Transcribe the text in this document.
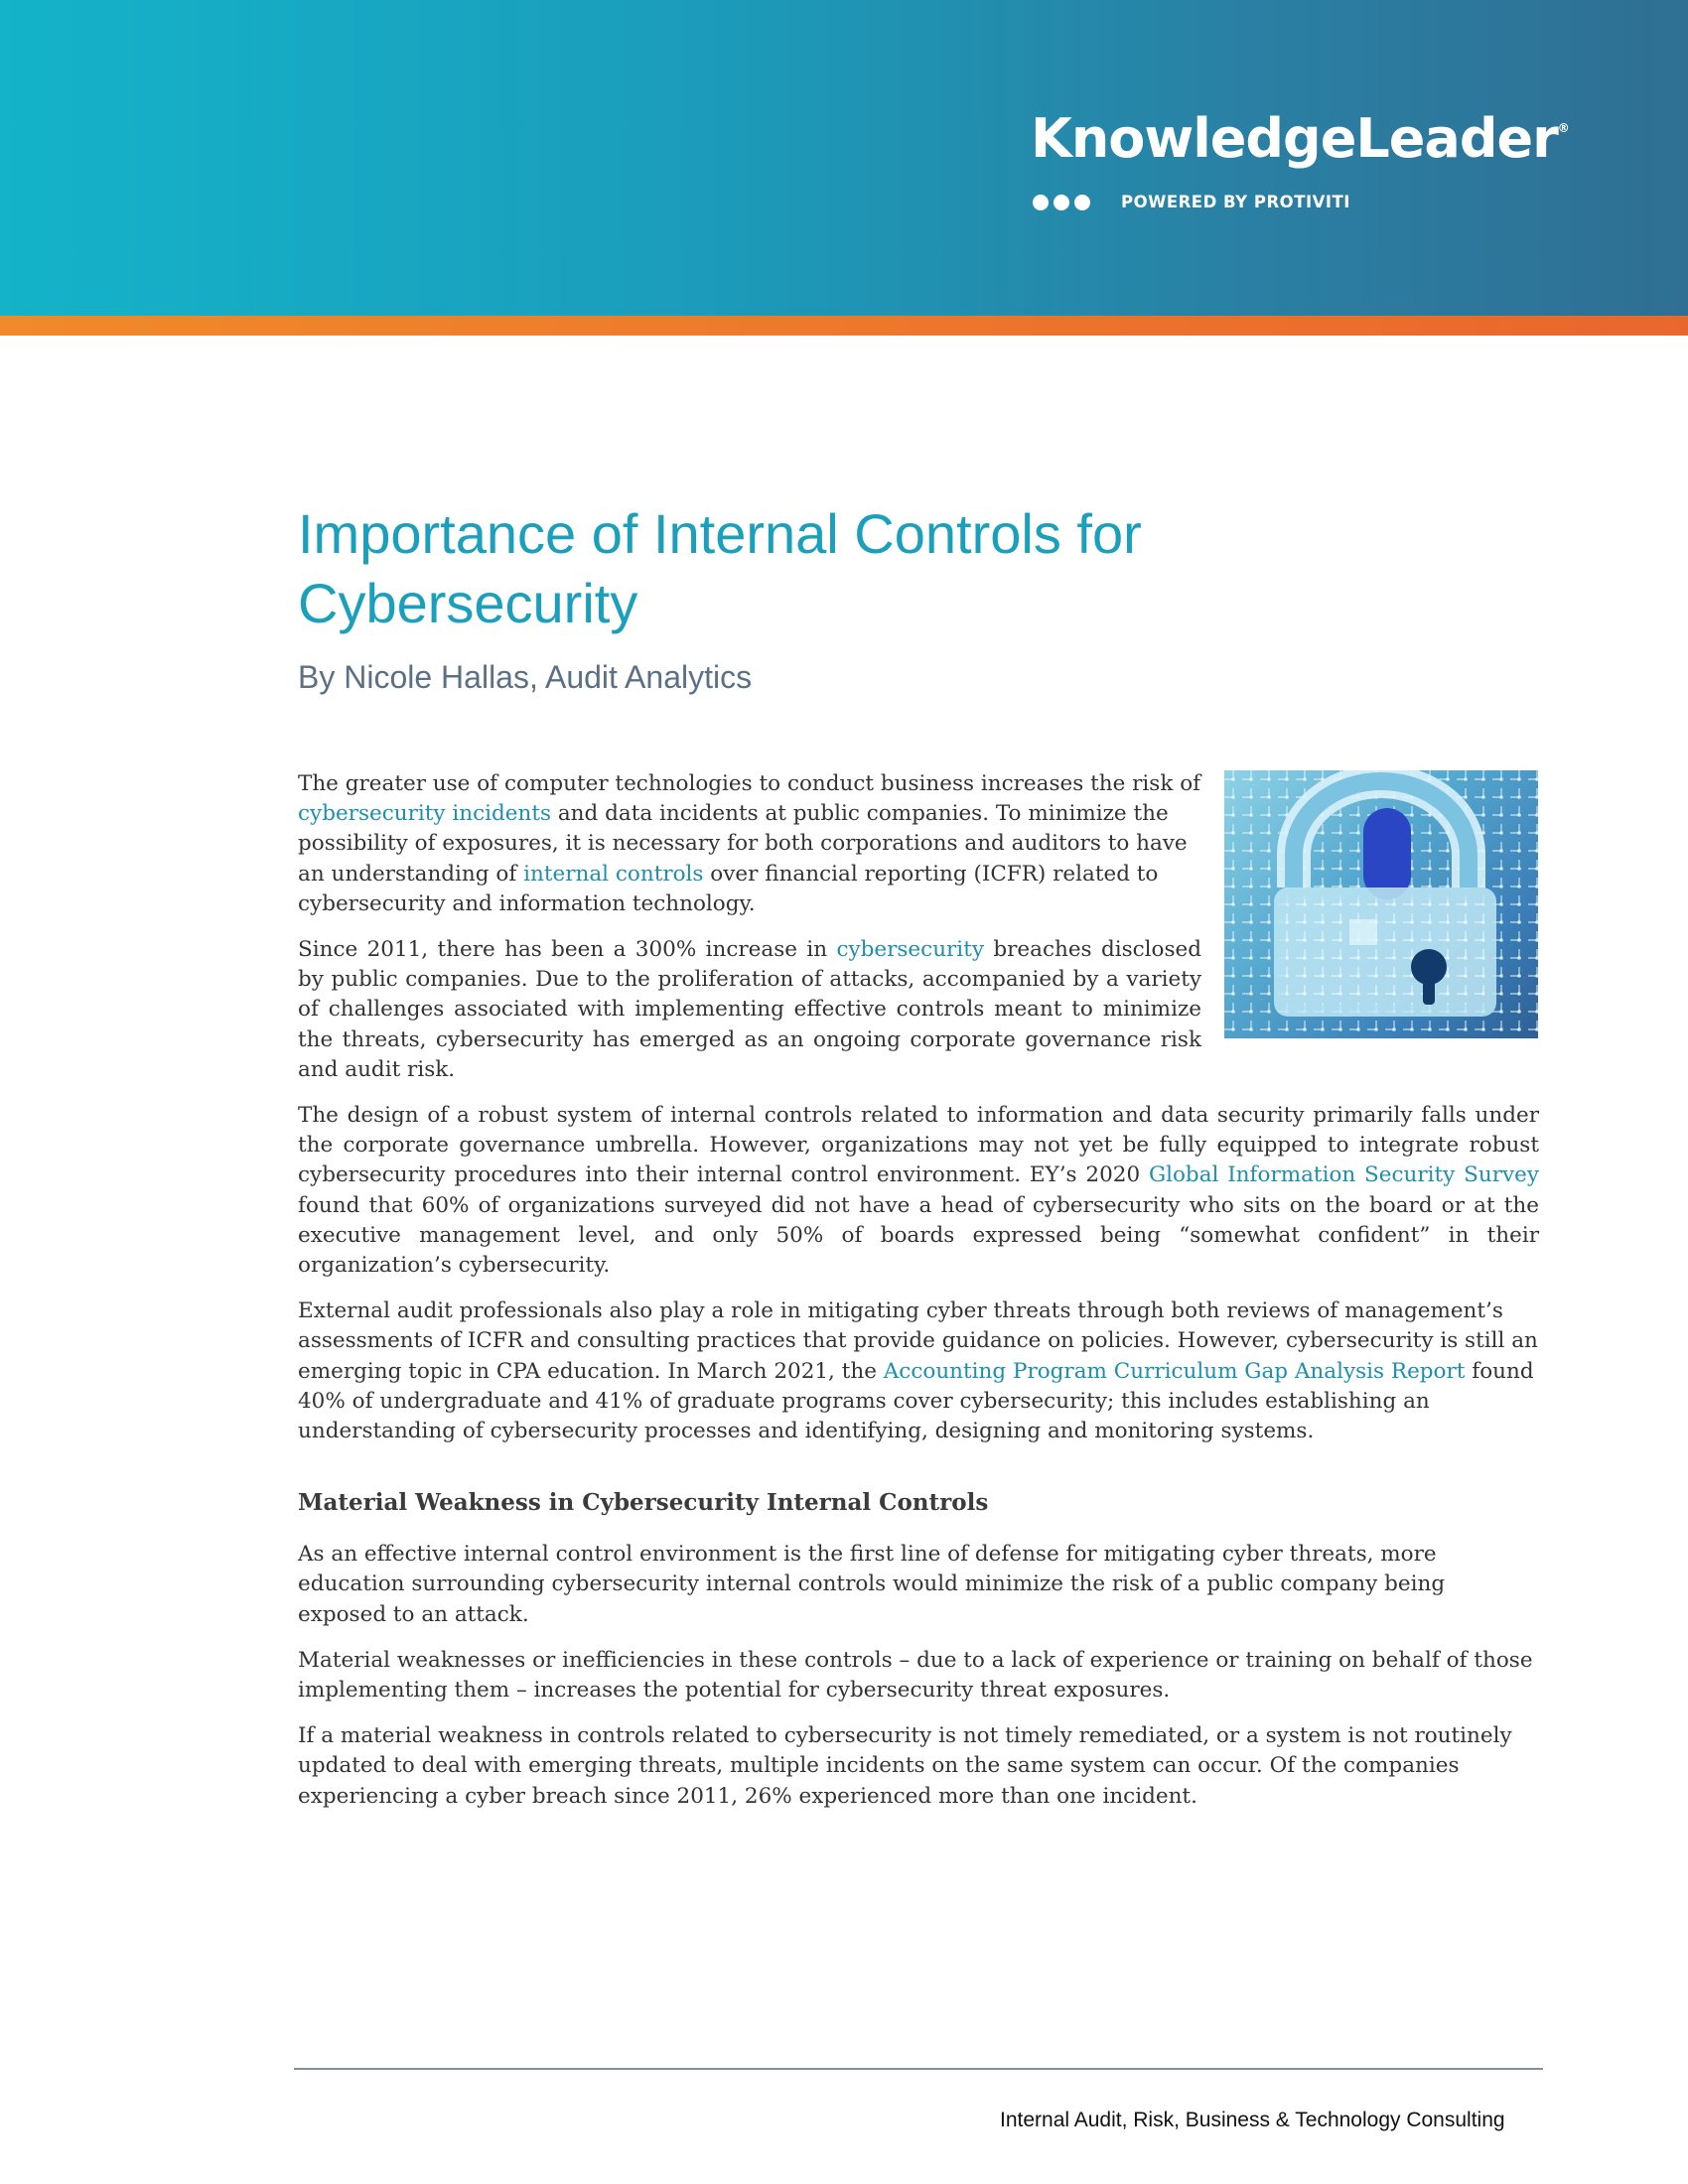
KnowledgeLeader®
POWERED BY PROTIVITI
Importance of Internal Controls for Cybersecurity

By Nicole Hallas, Audit Analytics

The greater use of computer technologies to conduct business increases the risk of cybersecurity incidents and data incidents at public companies. To minimize the possibility of exposures, it is necessary for both corporations and auditors to have an understanding of internal controls over financial reporting (ICFR) related to cybersecurity and information technology.

Since 2011, there has been a 300% increase in cybersecurity breaches disclosed by public companies. Due to the proliferation of attacks, accompanied by a variety of challenges associated with implementing effective controls meant to minimize the threats, cybersecurity has emerged as an ongoing corporate governance risk and audit risk.

The design of a robust system of internal controls related to information and data security primarily falls under the corporate governance umbrella. However, organizations may not yet be fully equipped to integrate robust cybersecurity procedures into their internal control environment. EY’s 2020 Global Information Security Survey found that 60% of organizations surveyed did not have a head of cybersecurity who sits on the board or at the executive management level, and only 50% of boards expressed being “somewhat confident” in their organization’s cybersecurity.

External audit professionals also play a role in mitigating cyber threats through both reviews of management’s assessments of ICFR and consulting practices that provide guidance on policies. However, cybersecurity is still an emerging topic in CPA education. In March 2021, the Accounting Program Curriculum Gap Analysis Report found 40% of undergraduate and 41% of graduate programs cover cybersecurity; this includes establishing an understanding of cybersecurity processes and identifying, designing and monitoring systems.

Material Weakness in Cybersecurity Internal Controls

As an effective internal control environment is the first line of defense for mitigating cyber threats, more education surrounding cybersecurity internal controls would minimize the risk of a public company being exposed to an attack.

Material weaknesses or inefficiencies in these controls – due to a lack of experience or training on behalf of those implementing them – increases the potential for cybersecurity threat exposures.

If a material weakness in controls related to cybersecurity is not timely remediated, or a system is not routinely updated to deal with emerging threats, multiple incidents on the same system can occur. Of the companies experiencing a cyber breach since 2011, 26% experienced more than one incident.

Internal Audit, Risk, Business & Technology Consulting
